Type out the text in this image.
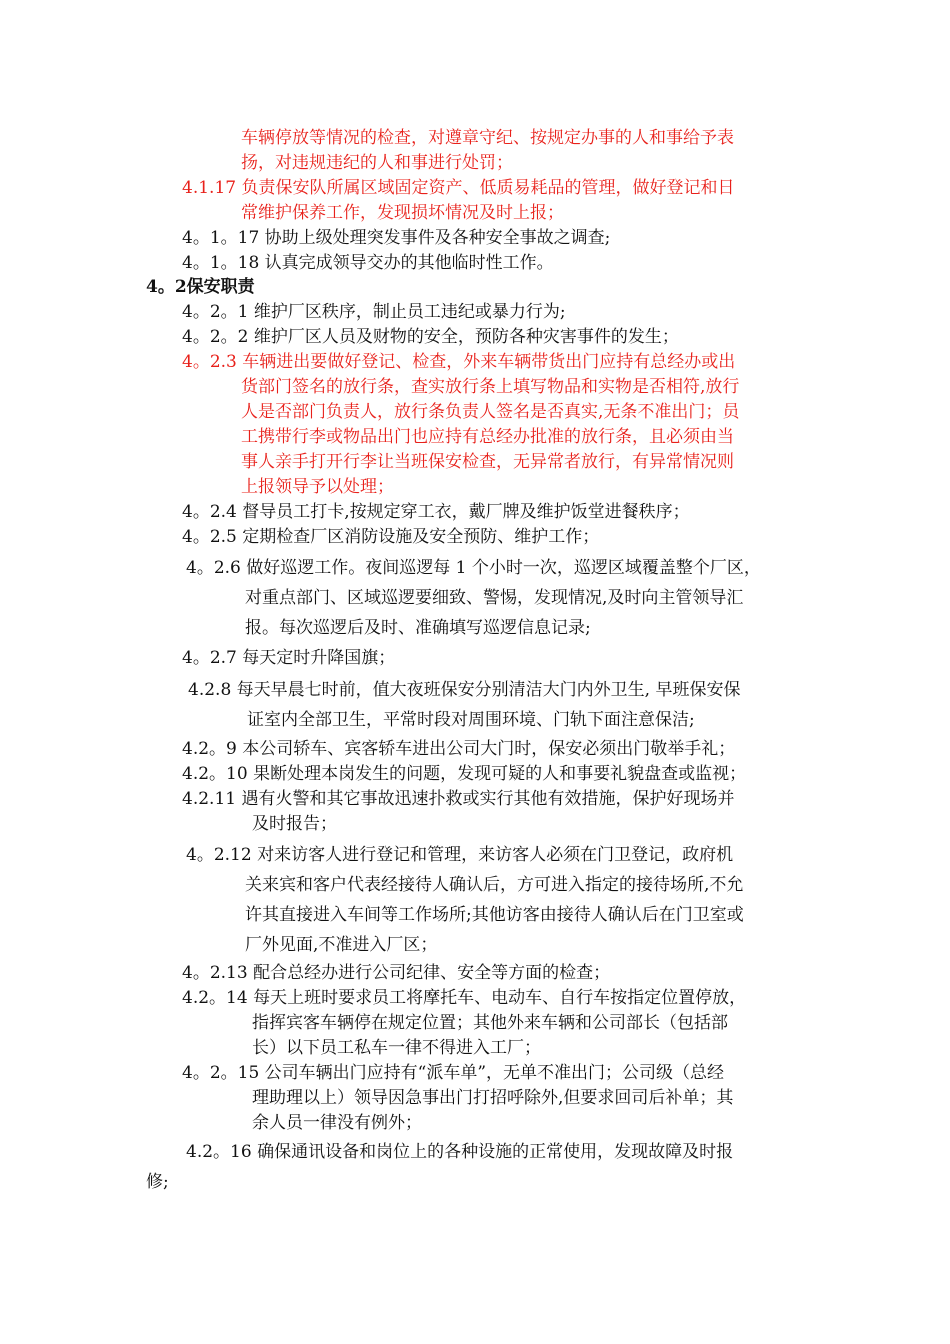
车辆停放等情况的检查，对遵章守纪、按规定办事的人和事给予表
扬，对违规违纪的人和事进行处罚；
4.1.17 负责保安队所属区域固定资产、低质易耗品的管理，做好登记和日
常维护保养工作，发现损坏情况及时上报；
4。1。17 协助上级处理突发事件及各种安全事故之调查;
4。1。18 认真完成领导交办的其他临时性工作。
4。2保安职责
4。2。1 维护厂区秩序，制止员工违纪或暴力行为;
4。2。2 维护厂区人员及财物的安全，预防各种灾害事件的发生；
4。2.3 车辆进出要做好登记、检查，外来车辆带货出门应持有总经办或出
货部门签名的放行条，查实放行条上填写物品和实物是否相符,放行
人是否部门负责人，放行条负责人签名是否真实,无条不准出门；员
工携带行李或物品出门也应持有总经办批准的放行条，且必须由当
事人亲手打开行李让当班保安检查，无异常者放行，有异常情况则
上报领导予以处理；
4。2.4 督导员工打卡,按规定穿工衣，戴厂牌及维护饭堂进餐秩序；
4。2.5 定期检查厂区消防设施及安全预防、维护工作；
4。2.6 做好巡逻工作。夜间巡逻每 1 个小时一次，巡逻区域覆盖整个厂区，
对重点部门、区域巡逻要细致、警惕，发现情况,及时向主管领导汇
报。每次巡逻后及时、准确填写巡逻信息记录;
4。2.7 每天定时升降国旗；
4.2.8 每天早晨七时前，值大夜班保安分别清洁大门内外卫生, 早班保安保
证室内全部卫生，平常时段对周围环境、门轨下面注意保洁;
4.2。9 本公司轿车、宾客轿车进出公司大门时，保安必须出门敬举手礼；
4.2。10 果断处理本岗发生的问题，发现可疑的人和事要礼貌盘查或监视；
4.2.11 遇有火警和其它事故迅速扑救或实行其他有效措施，保护好现场并
及时报告；
4。2.12 对来访客人进行登记和管理，来访客人必须在门卫登记，政府机
关来宾和客户代表经接待人确认后，方可进入指定的接待场所,不允
许其直接进入车间等工作场所;其他访客由接待人确认后在门卫室或
厂外见面,不准进入厂区；
4。2.13 配合总经办进行公司纪律、安全等方面的检查；
4.2。14 每天上班时要求员工将摩托车、电动车、自行车按指定位置停放，
指挥宾客车辆停在规定位置；其他外来车辆和公司部长（包括部
长）以下员工私车一律不得进入工厂；
4。2。15 公司车辆出门应持有“派车单”，无单不准出门；公司级（总经
理助理以上）领导因急事出门打招呼除外,但要求回司后补单；其
余人员一律没有例外；
4.2。16 确保通讯设备和岗位上的各种设施的正常使用，发现故障及时报
修;
